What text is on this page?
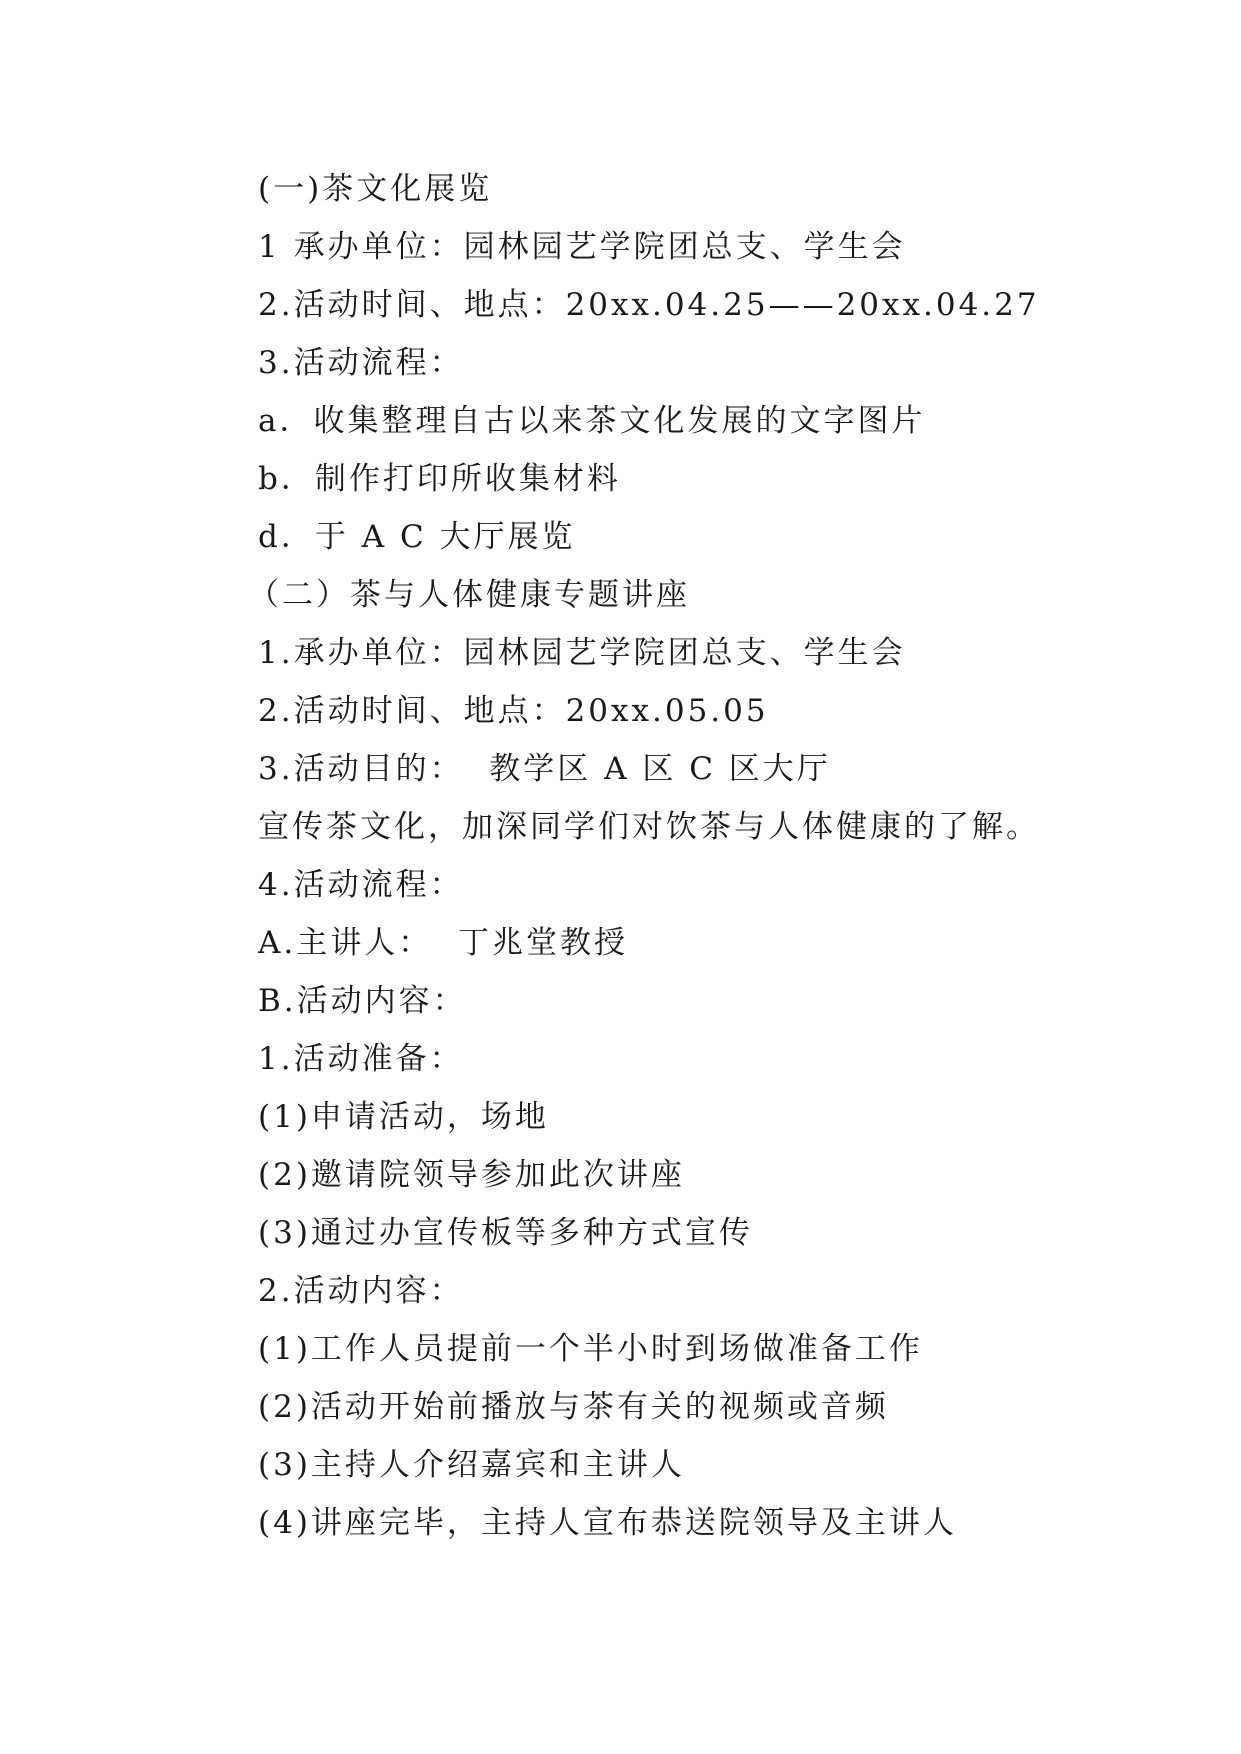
(一)茶文化展览
1 承办单位：园林园艺学院团总支、学生会
2.活动时间、地点：20xx.04.25——20xx.04.27
3.活动流程：
a．收集整理自古以来茶文化发展的文字图片
b．制作打印所收集材料
d．于 A C 大厅展览
（二）茶与人体健康专题讲座
1.承办单位：园林园艺学院团总支、学生会
2.活动时间、地点：20xx.05.05
3.活动目的：  教学区 A 区 C 区大厅
宣传茶文化，加深同学们对饮茶与人体健康的了解。
4.活动流程：
A.主讲人：  丁兆堂教授
B.活动内容：
1.活动准备：
(1)申请活动，场地
(2)邀请院领导参加此次讲座
(3)通过办宣传板等多种方式宣传
2.活动内容：
(1)工作人员提前一个半小时到场做准备工作
(2)活动开始前播放与茶有关的视频或音频
(3)主持人介绍嘉宾和主讲人
(4)讲座完毕，主持人宣布恭送院领导及主讲人
